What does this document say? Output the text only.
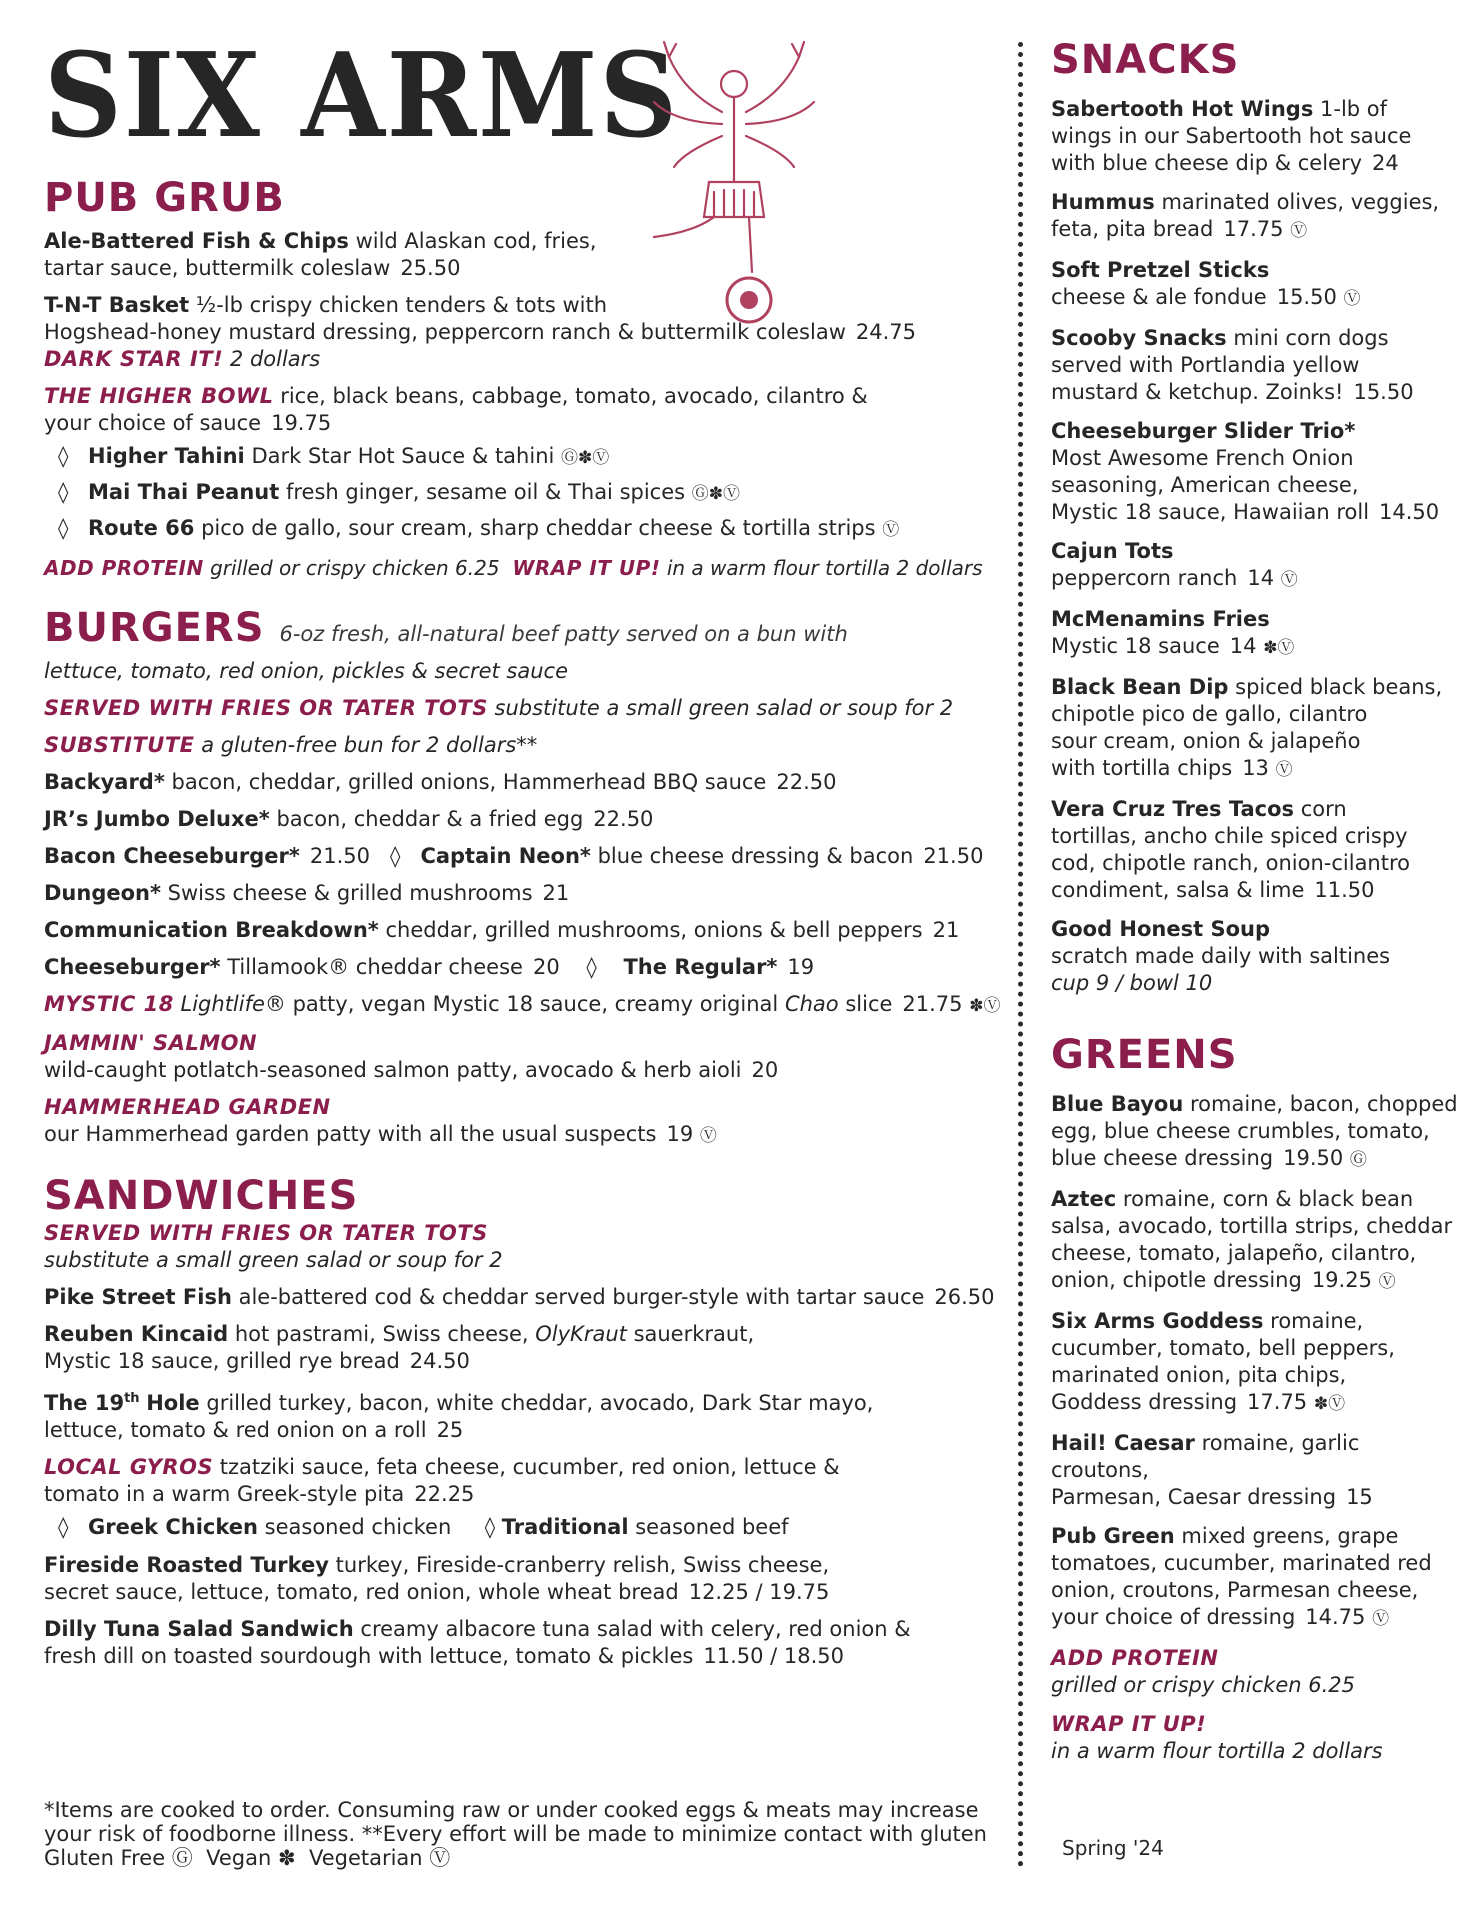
SIX ARMS
PUB GRUB
Ale-Battered Fish & Chips wild Alaskan cod, fries,
tartar sauce, buttermilk coleslaw 25.50
T-N-T Basket ½-lb crispy chicken tenders & tots with
Hogshead-honey mustard dressing, peppercorn ranch & buttermilk coleslaw 24.75
DARK STAR IT! 2 dollars
THE HIGHER BOWL rice, black beans, cabbage, tomato, avocado, cilantro &
your choice of sauce 19.75
◊ Higher Tahini Dark Star Hot Sauce & tahini Ⓖ✽Ⓥ
◊ Mai Thai Peanut fresh ginger, sesame oil & Thai spices Ⓖ✽Ⓥ
◊ Route 66 pico de gallo, sour cream, sharp cheddar cheese & tortilla strips Ⓥ
ADD PROTEIN grilled or crispy chicken 6.25 WRAP IT UP! in a warm flour tortilla 2 dollars
BURGERS 6-oz fresh, all-natural beef patty served on a bun with
lettuce, tomato, red onion, pickles & secret sauce
SERVED WITH FRIES OR TATER TOTS substitute a small green salad or soup for 2
SUBSTITUTE a gluten-free bun for 2 dollars**
Backyard* bacon, cheddar, grilled onions, Hammerhead BBQ sauce 22.50
JR’s Jumbo Deluxe* bacon, cheddar & a fried egg 22.50
Bacon Cheeseburger* 21.50 ◊ Captain Neon* blue cheese dressing & bacon 21.50
Dungeon* Swiss cheese & grilled mushrooms 21
Communication Breakdown* cheddar, grilled mushrooms, onions & bell peppers 21
Cheeseburger* Tillamook® cheddar cheese 20 ◊ The Regular* 19
MYSTIC 18 Lightlife® patty, vegan Mystic 18 sauce, creamy original Chao slice 21.75 ✽Ⓥ
JAMMIN' SALMON
wild-caught potlatch-seasoned salmon patty, avocado & herb aioli 20
HAMMERHEAD GARDEN
our Hammerhead garden patty with all the usual suspects 19 Ⓥ
SANDWICHES
SERVED WITH FRIES OR TATER TOTS
substitute a small green salad or soup for 2
Pike Street Fish ale-battered cod & cheddar served burger-style with tartar sauce 26.50
Reuben Kincaid hot pastrami, Swiss cheese, OlyKraut sauerkraut,
Mystic 18 sauce, grilled rye bread 24.50
The 19th Hole grilled turkey, bacon, white cheddar, avocado, Dark Star mayo,
lettuce, tomato & red onion on a roll 25
LOCAL GYROS tzatziki sauce, feta cheese, cucumber, red onion, lettuce &
tomato in a warm Greek-style pita 22.25
◊ Greek Chicken seasoned chicken ◊ Traditional seasoned beef
Fireside Roasted Turkey turkey, Fireside-cranberry relish, Swiss cheese,
secret sauce, lettuce, tomato, red onion, whole wheat bread 12.25 / 19.75
Dilly Tuna Salad Sandwich creamy albacore tuna salad with celery, red onion &
fresh dill on toasted sourdough with lettuce, tomato & pickles 11.50 / 18.50
*Items are cooked to order. Consuming raw or under cooked eggs & meats may increase
your risk of foodborne illness. **Every effort will be made to minimize contact with gluten
Gluten Free Ⓖ Vegan ✽ Vegetarian Ⓥ
SNACKS
Sabertooth Hot Wings 1-lb of
wings in our Sabertooth hot sauce
with blue cheese dip & celery 24
Hummus marinated olives, veggies,
feta, pita bread 17.75 Ⓥ
Soft Pretzel Sticks
cheese & ale fondue 15.50 Ⓥ
Scooby Snacks mini corn dogs
served with Portlandia yellow
mustard & ketchup. Zoinks! 15.50
Cheeseburger Slider Trio*
Most Awesome French Onion
seasoning, American cheese,
Mystic 18 sauce, Hawaiian roll 14.50
Cajun Tots
peppercorn ranch 14 Ⓥ
McMenamins Fries
Mystic 18 sauce 14 ✽Ⓥ
Black Bean Dip spiced black beans,
chipotle pico de gallo, cilantro
sour cream, onion & jalapeño
with tortilla chips 13 Ⓥ
Vera Cruz Tres Tacos corn
tortillas, ancho chile spiced crispy
cod, chipotle ranch, onion-cilantro
condiment, salsa & lime 11.50
Good Honest Soup
scratch made daily with saltines
cup 9 / bowl 10
GREENS
Blue Bayou romaine, bacon, chopped
egg, blue cheese crumbles, tomato,
blue cheese dressing 19.50 Ⓖ
Aztec romaine, corn & black bean
salsa, avocado, tortilla strips, cheddar
cheese, tomato, jalapeño, cilantro,
onion, chipotle dressing 19.25 Ⓥ
Six Arms Goddess romaine,
cucumber, tomato, bell peppers,
marinated onion, pita chips,
Goddess dressing 17.75 ✽Ⓥ
Hail! Caesar romaine, garlic croutons,
Parmesan, Caesar dressing 15
Pub Green mixed greens, grape
tomatoes, cucumber, marinated red
onion, croutons, Parmesan cheese,
your choice of dressing 14.75 Ⓥ
ADD PROTEIN
grilled or crispy chicken 6.25
WRAP IT UP!
in a warm flour tortilla 2 dollars
Spring '24
